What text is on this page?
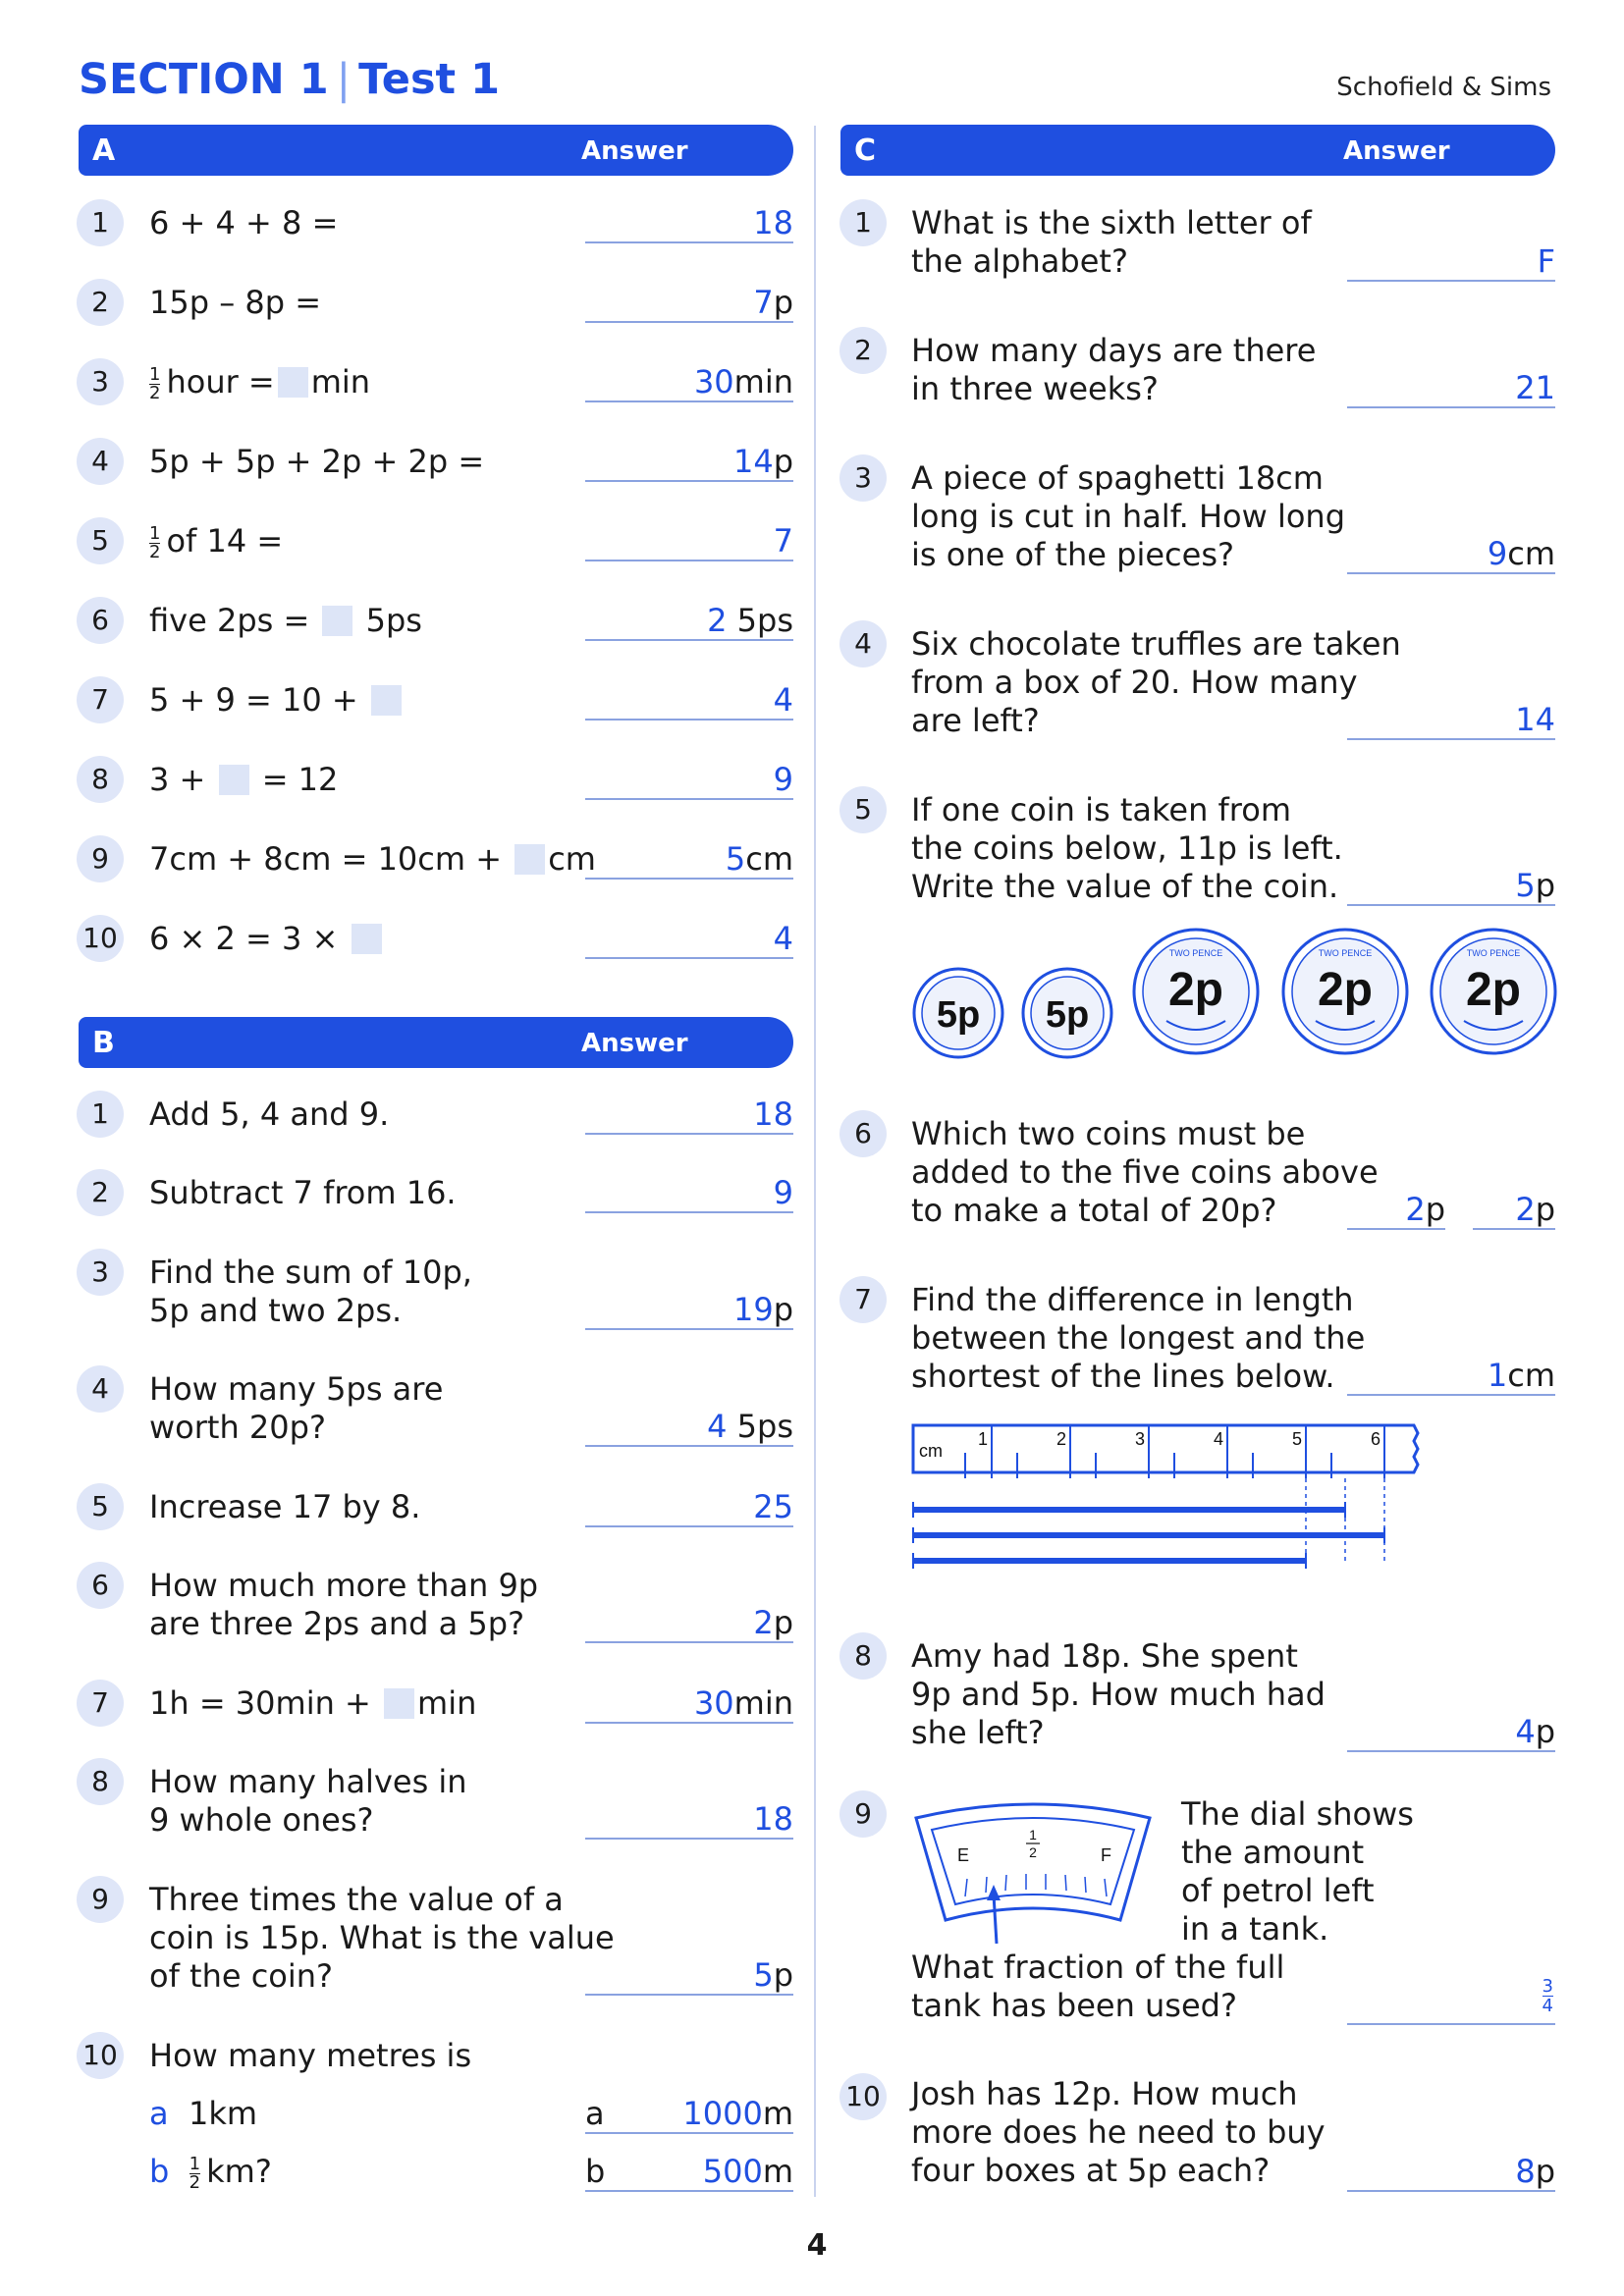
SECTION 1 | Test 1	Schofield & Sims
A	Answer
1	6 + 4 + 8 =	18
2	15p – 8p =	7p
3	$\frac{1}{2}$ hour = min	30min
4	5p + 5p + 2p + 2p =	14p
5	$\frac{1}{2}$ of 14 =	7
6	five 2ps = 5ps	2 5ps
7	5 + 9 = 10 +	4
8	3 + = 12	9
9	7cm + 8cm = 10cm + cm	5cm
10 6 × 2 = 3 ×	4
B	Answer
1	Add 5, 4 and 9.	18
2	Subtract 7 from 16.	9
3	Find the sum of 10p,
5p and two 2ps.	19p
4	How many 5ps are
worth 20p?	4 5ps
5	Increase 17 by 8.	25
6	How much more than 9p
are three 2ps and a 5p?	2p
7	1h = 30min + min	30min
8	How many halves in
9 whole ones?	18
9	Three times the value of a
coin is 15p. What is the value
of the coin?	5p
10 How many metres is
a 1km	a 1000m
b $\frac{1}{2}$ km?	b	500m
C	Answer
1	What is the sixth letter of
the alphabet?	F
2	How many days are there
in three weeks?	21
3	A piece of spaghetti 18cm
long is cut in half. How long
is one of the pieces?	9cm
4	Six chocolate truffles are taken
from a box of 20. How many
are left?	14
5	If one coin is taken from
the coins below, 11p is left.
Write the value of the coin.	5p
5p 5p
TWO PENCE
2p
TWO PENCE
2p
TWO PENCE
2p
6	Which two coins must be
added to the five coins above
to make a total of 20p?	2p 2p
7	Find the difference in length
between the longest and the
shortest of the lines below.	1cm
cm
1	2	3	4	5	6
8	Amy had 18p. She spent
9p and 5p. How much had
she left?	4p
9
E	F
1
2
The dial shows
the amount
of petrol left
in a tank.
What fraction of the full
tank has been used?
3
4
10 Josh has 12p. How much
more does he need to buy
four boxes at 5p each?	8p
4
